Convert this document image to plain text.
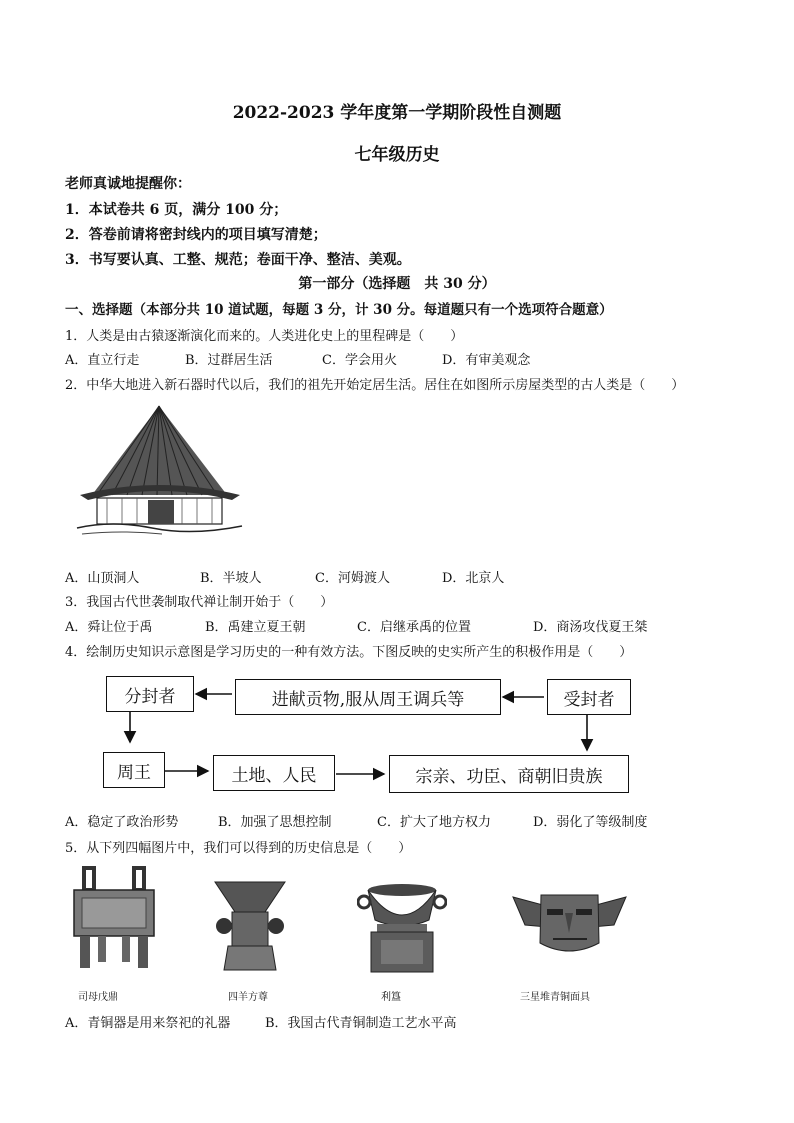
2022-2023 学年度第一学期阶段性自测题
七年级历史
老师真诚地提醒你：
1．本试卷共 6 页，满分 100 分；
2．答卷前请将密封线内的项目填写清楚；
3．书写要认真、工整、规范；卷面干净、整洁、美观。
第一部分（选择题　共 30 分）
一、选择题（本部分共 10 道试题，每题 3 分，计 30 分。每道题只有一个选项符合题意）
1．人类是由古猿逐渐演化而来的。人类进化史上的里程碑是（　　）
A．直立行走	B．过群居生活	C．学会用火	D．有审美观念
2．中华大地进入新石器时代以后，我们的祖先开始定居生活。居住在如图所示房屋类型的古人类是（　　）
A．山顶洞人	B．半坡人	C．河姆渡人	D．北京人
3．我国古代世袭制取代禅让制开始于（　　）
A．舜让位于禹	B．禹建立夏王朝	C．启继承禹的位置	D．商汤攻伐夏王桀
4．绘制历史知识示意图是学习历史的一种有效方法。下图反映的史实所产生的积极作用是（　　）
分封者	进献贡物,服从周王调兵等	受封者
周王	土地、人民	宗亲、功臣、商朝旧贵族
A．稳定了政治形势	B．加强了思想控制	C．扩大了地方权力	D．弱化了等级制度
5．从下列四幅图片中，我们可以得到的历史信息是（　　）
司母戊鼎	四羊方尊	利簋	三星堆青铜面具
A．青铜器是用来祭祀的礼器	B．我国古代青铜制造工艺水平高
